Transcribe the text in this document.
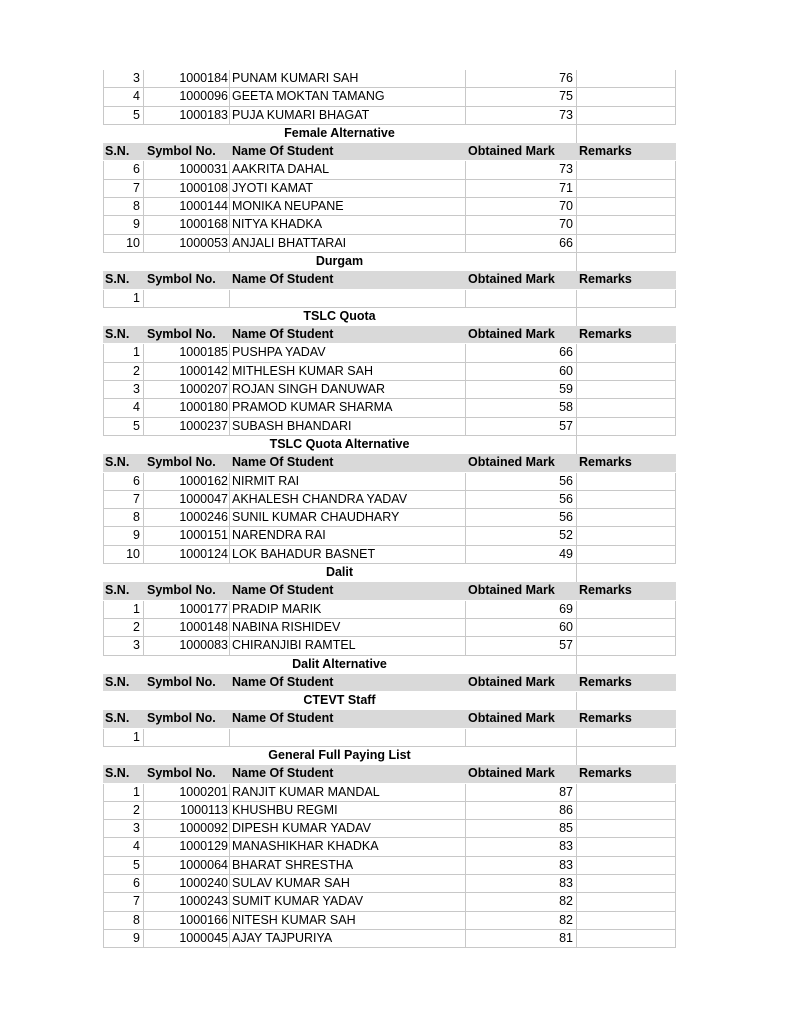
3	1000184 PUNAM KUMARI SAH	76
4	1000096 GEETA MOKTAN TAMANG	75
5	1000183 PUJA KUMARI BHAGAT	73
Female Alternative
S.N.	Symbol No.	Name Of Student	Obtained Mark	Remarks
6	1000031 AAKRITA DAHAL	73
7	1000108 JYOTI KAMAT	71
8	1000144 MONIKA NEUPANE	70
9	1000168 NITYA KHADKA	70
10	1000053 ANJALI BHATTARAI	66
Durgam
S.N.	Symbol No.	Name Of Student	Obtained Mark	Remarks
1
TSLC Quota
S.N.	Symbol No.	Name Of Student	Obtained Mark	Remarks
1	1000185 PUSHPA YADAV	66
2	1000142 MITHLESH KUMAR SAH	60
3	1000207 ROJAN SINGH DANUWAR	59
4	1000180 PRAMOD KUMAR SHARMA	58
5	1000237 SUBASH BHANDARI	57
TSLC Quota Alternative
S.N.	Symbol No.	Name Of Student	Obtained Mark	Remarks
6	1000162 NIRMIT RAI	56
7	1000047 AKHALESH CHANDRA YADAV	56
8	1000246 SUNIL KUMAR CHAUDHARY	56
9	1000151 NARENDRA RAI	52
10	1000124 LOK BAHADUR BASNET	49
Dalit
S.N.	Symbol No.	Name Of Student	Obtained Mark	Remarks
1	1000177 PRADIP MARIK	69
2	1000148 NABINA RISHIDEV	60
3	1000083 CHIRANJIBI RAMTEL	57
Dalit Alternative
S.N.	Symbol No.	Name Of Student	Obtained Mark	Remarks
CTEVT Staff
S.N.	Symbol No.	Name Of Student	Obtained Mark	Remarks
1
General Full Paying List
S.N.	Symbol No.	Name Of Student	Obtained Mark	Remarks
1	1000201 RANJIT KUMAR MANDAL	87
2	1000113 KHUSHBU REGMI	86
3	1000092 DIPESH KUMAR YADAV	85
4	1000129 MANASHIKHAR KHADKA	83
5	1000064 BHARAT SHRESTHA	83
6	1000240 SULAV KUMAR SAH	83
7	1000243 SUMIT KUMAR YADAV	82
8	1000166 NITESH KUMAR SAH	82
9	1000045 AJAY TAJPURIYA	81
